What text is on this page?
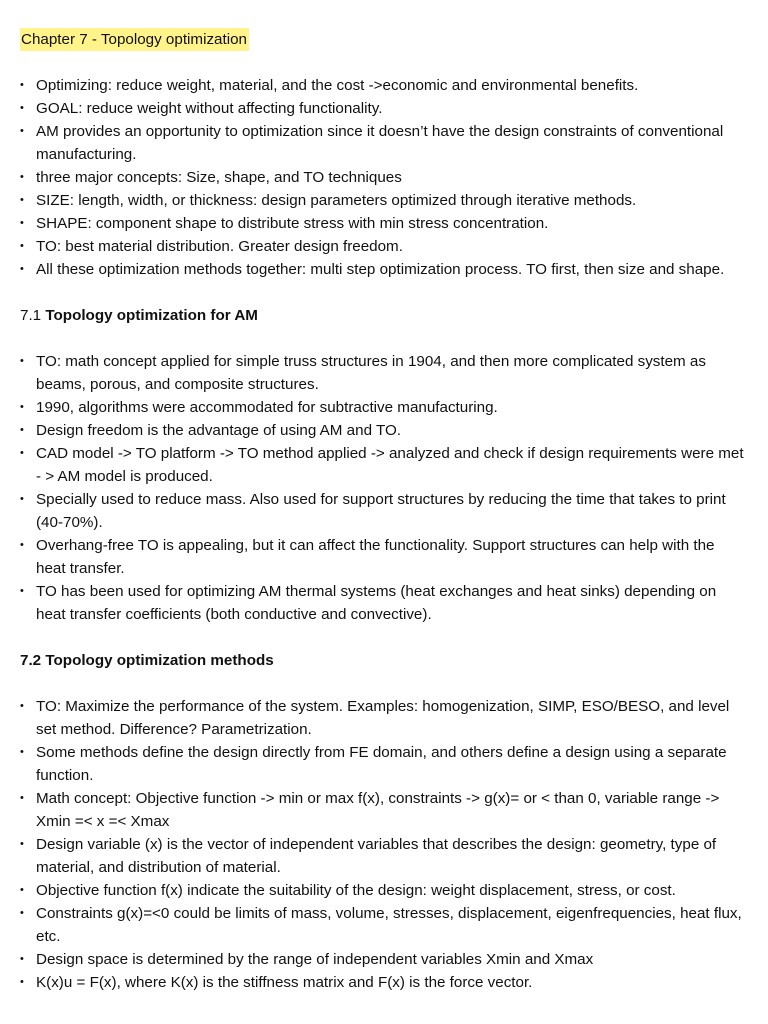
Chapter 7 - Topology optimization
• Optimizing: reduce weight, material, and the cost ->economic and environmental benefits.
• GOAL: reduce weight without affecting functionality.
• AM provides an opportunity to optimization since it doesn’t have the design constraints of conventional manufacturing.
• three major concepts: Size, shape, and TO techniques
• SIZE: length, width, or thickness: design parameters optimized through iterative methods.
• SHAPE: component shape to distribute stress with min stress concentration.
• TO: best material distribution. Greater design freedom.
• All these optimization methods together: multi step optimization process. TO first, then size and shape.
7.1 Topology optimization for AM
• TO: math concept applied for simple truss structures in 1904, and then more complicated system as beams, porous, and composite structures.
• 1990, algorithms were accommodated for subtractive manufacturing.
• Design freedom is the advantage of using AM and TO.
• CAD model -> TO platform -> TO method applied -> analyzed and check if design requirements were met - > AM model is produced.
• Specially used to reduce mass. Also used for support structures by reducing the time that takes to print (40-70%).
• Overhang-free TO is appealing, but it can affect the functionality. Support structures can help with the heat transfer.
• TO has been used for optimizing AM thermal systems (heat exchanges and heat sinks) depending on heat transfer coefficients (both conductive and convective).
7.2 Topology optimization methods
• TO: Maximize the performance of the system. Examples: homogenization, SIMP, ESO/BESO, and level set method. Difference? Parametrization.
• Some methods define the design directly from FE domain, and others define a design using a separate function.
• Math concept: Objective function -> min or max f(x), constraints -> g(x)= or < than 0, variable range -> Xmin =< x =< Xmax
• Design variable (x) is the vector of independent variables that describes the design: geometry, type of material, and distribution of material.
• Objective function f(x) indicate the suitability of the design: weight displacement, stress, or cost.
• Constraints g(x)=<0 could be limits of mass, volume, stresses, displacement, eigenfrequencies, heat flux, etc.
• Design space is determined by the range of independent variables Xmin and Xmax
• K(x)u = F(x), where K(x) is the stiffness matrix and F(x) is the force vector.
